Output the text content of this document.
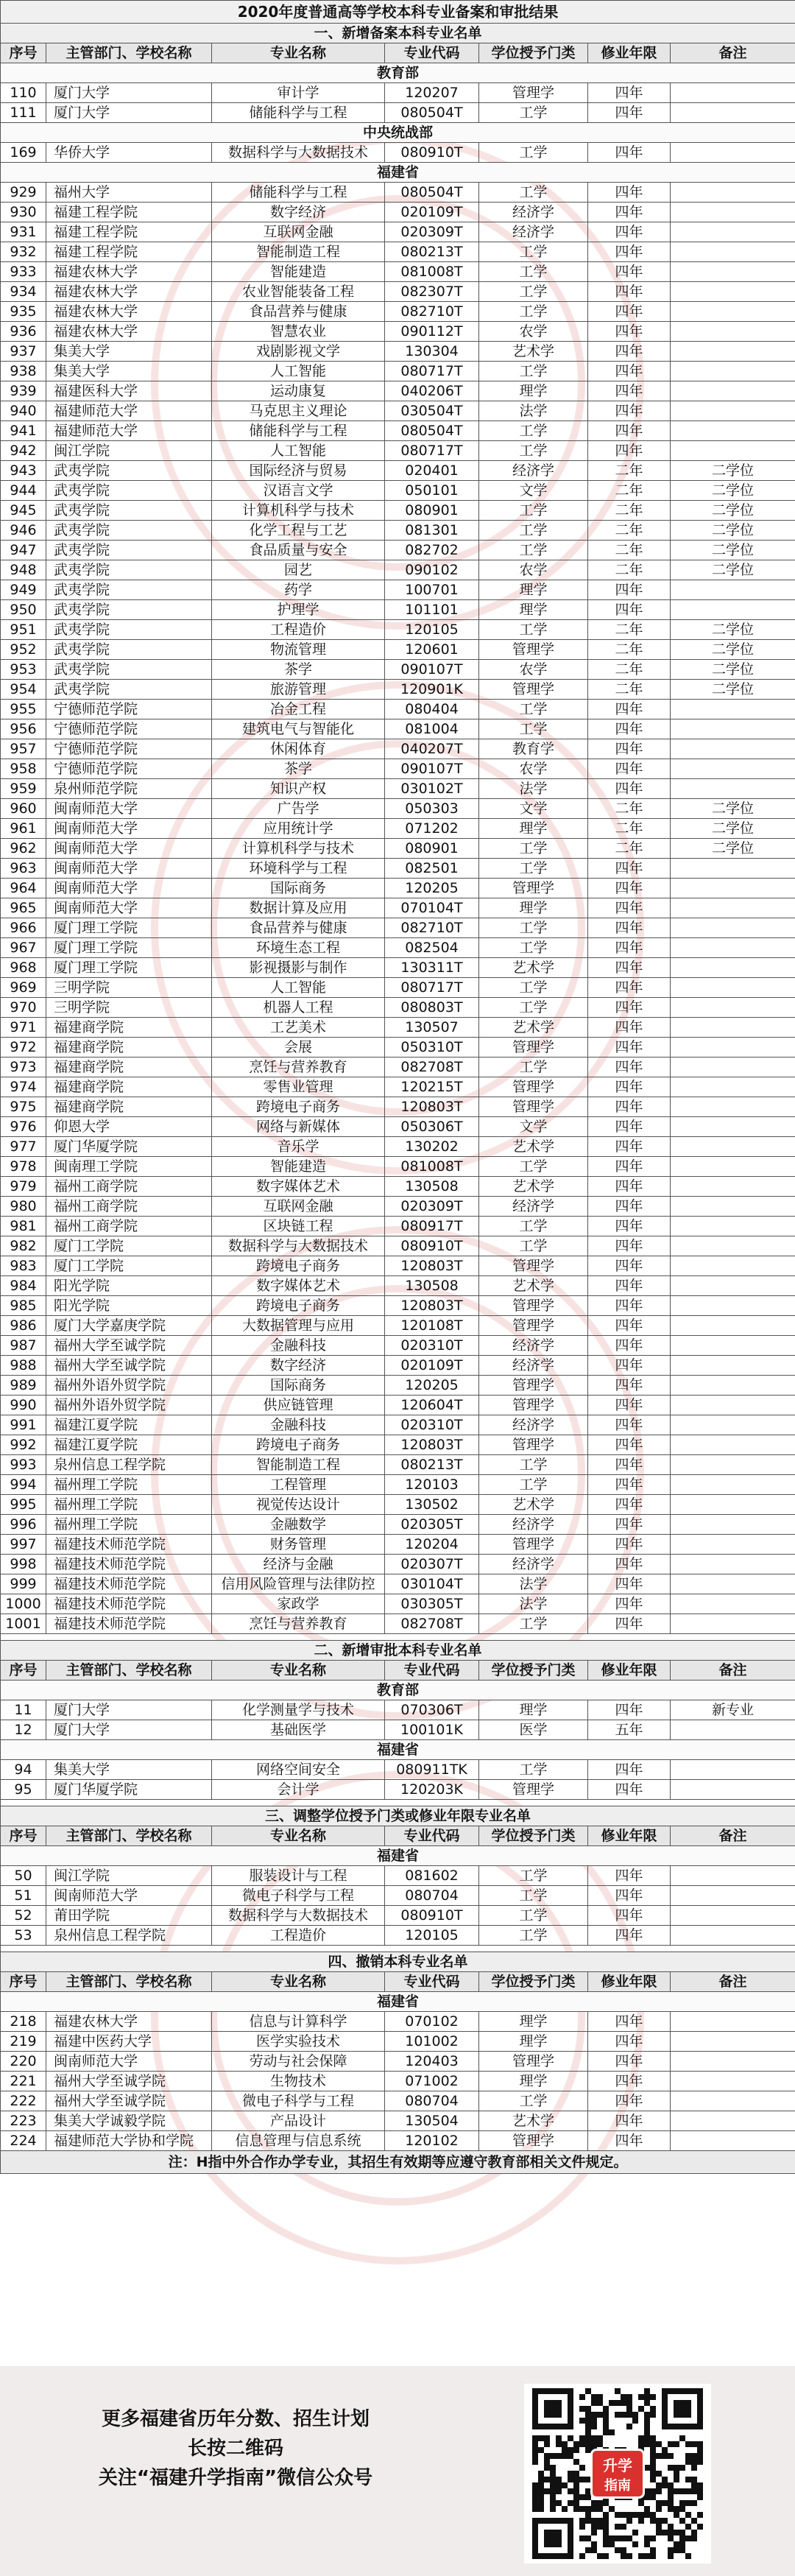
2020年度普通高等学校本科专业备案和审批结果						
一、新增备案本科专业名单						
序号	主管部门、学校名称	专业名称	专业代码	学位授予门类	修业年限	备注
教育部						
110	厦门大学	审计学	120207	管理学	四年	
111	厦门大学	储能科学与工程	080504T	工学	四年	
中央统战部						
169	华侨大学	数据科学与大数据技术	080910T	工学	四年	
福建省						
929	福州大学	储能科学与工程	080504T	工学	四年	
930	福建工程学院	数字经济	020109T	经济学	四年	
931	福建工程学院	互联网金融	020309T	经济学	四年	
932	福建工程学院	智能制造工程	080213T	工学	四年	
933	福建农林大学	智能建造	081008T	工学	四年	
934	福建农林大学	农业智能装备工程	082307T	工学	四年	
935	福建农林大学	食品营养与健康	082710T	工学	四年	
936	福建农林大学	智慧农业	090112T	农学	四年	
937	集美大学	戏剧影视文学	130304	艺术学	四年	
938	集美大学	人工智能	080717T	工学	四年	
939	福建医科大学	运动康复	040206T	理学	四年	
940	福建师范大学	马克思主义理论	030504T	法学	四年	
941	福建师范大学	储能科学与工程	080504T	工学	四年	
942	闽江学院	人工智能	080717T	工学	四年	
943	武夷学院	国际经济与贸易	020401	经济学	二年	二学位
944	武夷学院	汉语言文学	050101	文学	二年	二学位
945	武夷学院	计算机科学与技术	080901	工学	二年	二学位
946	武夷学院	化学工程与工艺	081301	工学	二年	二学位
947	武夷学院	食品质量与安全	082702	工学	二年	二学位
948	武夷学院	园艺	090102	农学	二年	二学位
949	武夷学院	药学	100701	理学	四年	
950	武夷学院	护理学	101101	理学	四年	
951	武夷学院	工程造价	120105	工学	二年	二学位
952	武夷学院	物流管理	120601	管理学	二年	二学位
953	武夷学院	茶学	090107T	农学	二年	二学位
954	武夷学院	旅游管理	120901K	管理学	二年	二学位
955	宁德师范学院	冶金工程	080404	工学	四年	
956	宁德师范学院	建筑电气与智能化	081004	工学	四年	
957	宁德师范学院	休闲体育	040207T	教育学	四年	
958	宁德师范学院	茶学	090107T	农学	四年	
959	泉州师范学院	知识产权	030102T	法学	四年	
960	闽南师范大学	广告学	050303	文学	二年	二学位
961	闽南师范大学	应用统计学	071202	理学	二年	二学位
962	闽南师范大学	计算机科学与技术	080901	工学	二年	二学位
963	闽南师范大学	环境科学与工程	082501	工学	四年	
964	闽南师范大学	国际商务	120205	管理学	四年	
965	闽南师范大学	数据计算及应用	070104T	理学	四年	
966	厦门理工学院	食品营养与健康	082710T	工学	四年	
967	厦门理工学院	环境生态工程	082504	工学	四年	
968	厦门理工学院	影视摄影与制作	130311T	艺术学	四年	
969	三明学院	人工智能	080717T	工学	四年	
970	三明学院	机器人工程	080803T	工学	四年	
971	福建商学院	工艺美术	130507	艺术学	四年	
972	福建商学院	会展	050310T	管理学	四年	
973	福建商学院	烹饪与营养教育	082708T	工学	四年	
974	福建商学院	零售业管理	120215T	管理学	四年	
975	福建商学院	跨境电子商务	120803T	管理学	四年	
976	仰恩大学	网络与新媒体	050306T	文学	四年	
977	厦门华厦学院	音乐学	130202	艺术学	四年	
978	闽南理工学院	智能建造	081008T	工学	四年	
979	福州工商学院	数字媒体艺术	130508	艺术学	四年	
980	福州工商学院	互联网金融	020309T	经济学	四年	
981	福州工商学院	区块链工程	080917T	工学	四年	
982	厦门工学院	数据科学与大数据技术	080910T	工学	四年	
983	厦门工学院	跨境电子商务	120803T	管理学	四年	
984	阳光学院	数字媒体艺术	130508	艺术学	四年	
985	阳光学院	跨境电子商务	120803T	管理学	四年	
986	厦门大学嘉庚学院	大数据管理与应用	120108T	管理学	四年	
987	福州大学至诚学院	金融科技	020310T	经济学	四年	
988	福州大学至诚学院	数字经济	020109T	经济学	四年	
989	福州外语外贸学院	国际商务	120205	管理学	四年	
990	福州外语外贸学院	供应链管理	120604T	管理学	四年	
991	福建江夏学院	金融科技	020310T	经济学	四年	
992	福建江夏学院	跨境电子商务	120803T	管理学	四年	
993	泉州信息工程学院	智能制造工程	080213T	工学	四年	
994	福州理工学院	工程管理	120103	工学	四年	
995	福州理工学院	视觉传达设计	130502	艺术学	四年	
996	福州理工学院	金融数学	020305T	经济学	四年	
997	福建技术师范学院	财务管理	120204	管理学	四年	
998	福建技术师范学院	经济与金融	020307T	经济学	四年	
999	福建技术师范学院	信用风险管理与法律防控	030104T	法学	四年	
1000	福建技术师范学院	家政学	030305T	法学	四年	
1001	福建技术师范学院	烹饪与营养教育	082708T	工学	四年	

二、新增审批本科专业名单						
序号	主管部门、学校名称	专业名称	专业代码	学位授予门类	修业年限	备注
教育部						
11	厦门大学	化学测量学与技术	070306T	理学	四年	新专业
12	厦门大学	基础医学	100101K	医学	五年	
福建省						
94	集美大学	网络空间安全	080911TK	工学	四年	
95	厦门华厦学院	会计学	120203K	管理学	四年	

三、调整学位授予门类或修业年限专业名单						
序号	主管部门、学校名称	专业名称	专业代码	学位授予门类	修业年限	备注
福建省						
50	闽江学院	服装设计与工程	081602	工学	四年	
51	闽南师范大学	微电子科学与工程	080704	工学	四年	
52	莆田学院	数据科学与大数据技术	080910T	工学	四年	
53	泉州信息工程学院	工程造价	120105	工学	四年	

四、撤销本科专业名单						
序号	主管部门、学校名称	专业名称	专业代码	学位授予门类	修业年限	备注
福建省						
218	福建农林大学	信息与计算科学	070102	理学	四年	
219	福建中医药大学	医学实验技术	101002	理学	四年	
220	闽南师范大学	劳动与社会保障	120403	管理学	四年	
221	福州大学至诚学院	生物技术	071002	理学	四年	
222	福州大学至诚学院	微电子科学与工程	080704	工学	四年	
223	集美大学诚毅学院	产品设计	130504	艺术学	四年	
224	福建师范大学协和学院	信息管理与信息系统	120102	管理学	四年	
注：H指中外合作办学专业，其招生有效期等应遵守教育部相关文件规定。						
更多福建省历年分数、招生计划
长按二维码
关注“福建升学指南”微信公众号
升学
指南
